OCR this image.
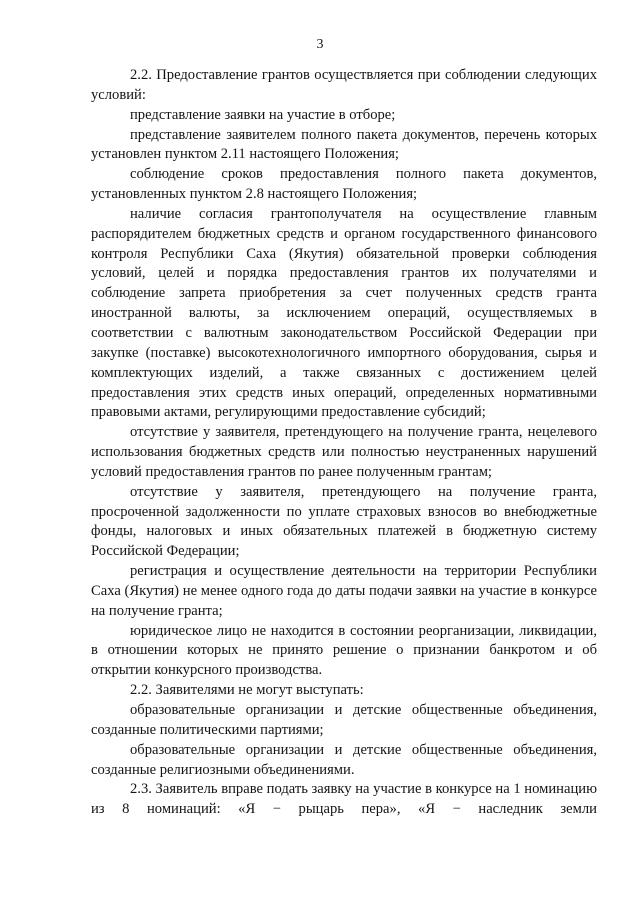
3

2.2. Предоставление грантов осуществляется при соблюдении следующих условий:

представление заявки на участие в отборе;

представление заявителем полного пакета документов, перечень которых установлен пунктом 2.11 настоящего Положения;

соблюдение сроков предоставления полного пакета документов, установленных пунктом 2.8 настоящего Положения;

наличие согласия грантополучателя на осуществление главным распорядителем бюджетных средств и органом государственного финансового контроля Республики Саха (Якутия) обязательной проверки соблюдения условий, целей и порядка предоставления грантов их получателями и соблюдение запрета приобретения за счет полученных средств гранта иностранной валюты, за исключением операций, осуществляемых в соответствии с валютным законодательством Российской Федерации при закупке (поставке) высокотехнологичного импортного оборудования, сырья и комплектующих изделий, а также связанных с достижением целей предоставления этих средств иных операций, определенных нормативными правовыми актами, регулирующими предоставление субсидий;

отсутствие у заявителя, претендующего на получение гранта, нецелевого использования бюджетных средств или полностью неустраненных нарушений условий предоставления грантов по ранее полученным грантам;

отсутствие у заявителя, претендующего на получение гранта, просроченной задолженности по уплате страховых взносов во внебюджетные фонды, налоговых и иных обязательных платежей в бюджетную систему Российской Федерации;

регистрация и осуществление деятельности на территории Республики Саха (Якутия) не менее одного года до даты подачи заявки на участие в конкурсе на получение гранта;

юридическое лицо не находится в состоянии реорганизации, ликвидации, в отношении которых не принято решение о признании банкротом и об открытии конкурсного производства.

2.2. Заявителями не могут выступать:

образовательные организации и детские общественные объединения, созданные политическими партиями;

образовательные организации и детские общественные объединения, созданные религиозными объединениями.

2.3. Заявитель вправе подать заявку на участие в конкурсе на 1 номинацию из 8 номинаций: «Я − рыцарь пера», «Я − наследник земли
